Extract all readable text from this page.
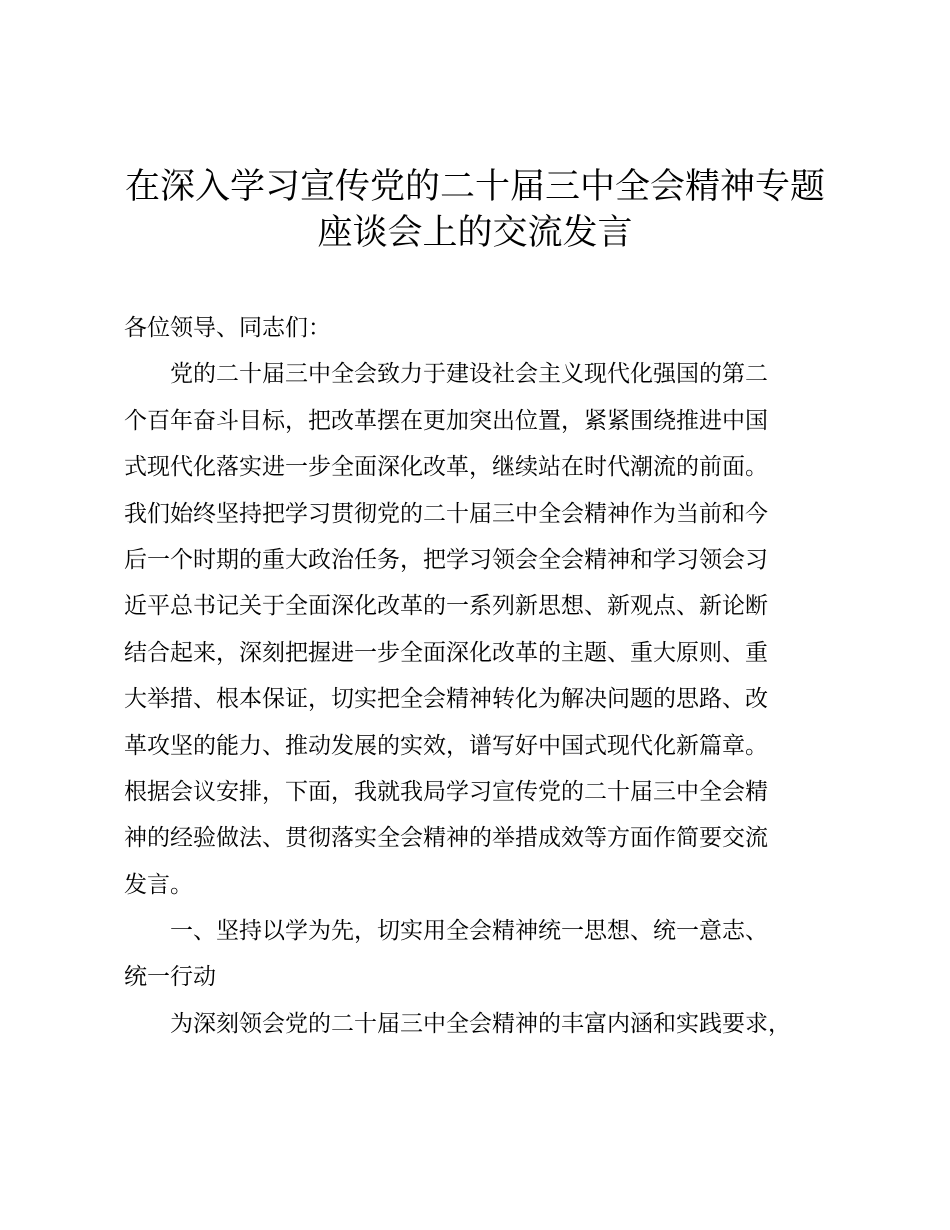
在深入学习宣传党的二十届三中全会精神专题
座谈会上的交流发言
各位领导、同志们：
　　党的二十届三中全会致力于建设社会主义现代化强国的第二
个百年奋斗目标，把改革摆在更加突出位置，紧紧围绕推进中国
式现代化落实进一步全面深化改革，继续站在时代潮流的前面。
我们始终坚持把学习贯彻党的二十届三中全会精神作为当前和今
后一个时期的重大政治任务，把学习领会全会精神和学习领会习
近平总书记关于全面深化改革的一系列新思想、新观点、新论断
结合起来，深刻把握进一步全面深化改革的主题、重大原则、重
大举措、根本保证，切实把全会精神转化为解决问题的思路、改
革攻坚的能力、推动发展的实效，谱写好中国式现代化新篇章。
根据会议安排，下面，我就我局学习宣传党的二十届三中全会精
神的经验做法、贯彻落实全会精神的举措成效等方面作简要交流
发言。
　　一、坚持以学为先，切实用全会精神统一思想、统一意志、
统一行动
　　为深刻领会党的二十届三中全会精神的丰富内涵和实践要求，
